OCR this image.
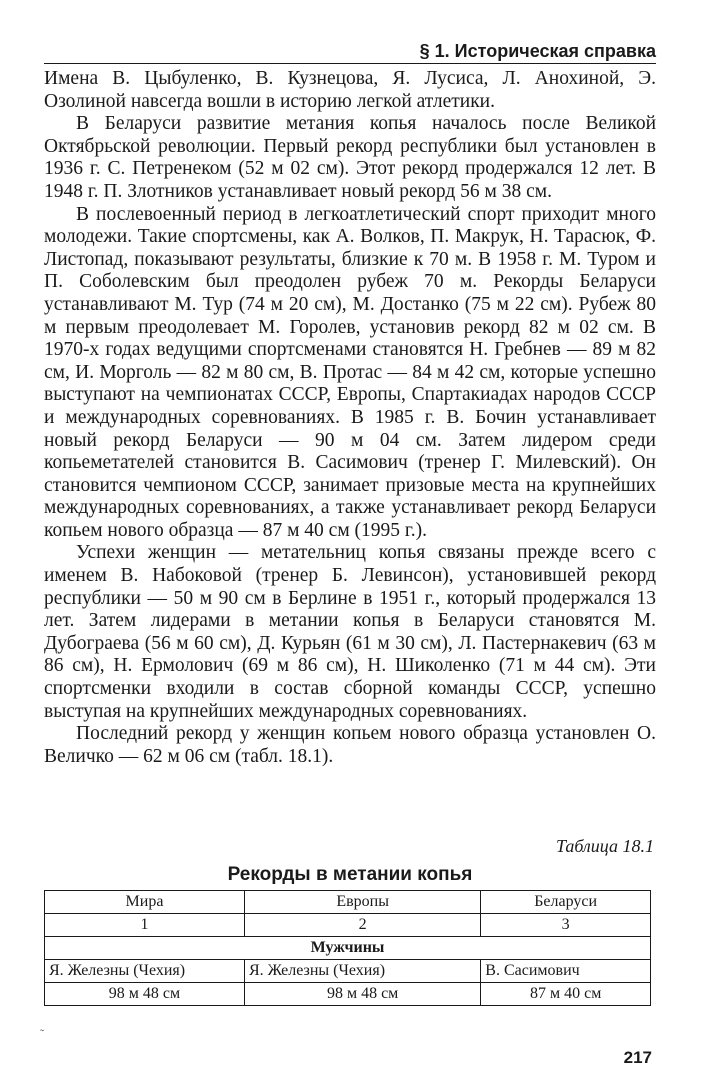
§ 1. Историческая справка

Имена В. Цыбуленко, В. Кузнецова, Я. Лусиса, Л. Анохиной, Э. Озолиной навсегда вошли в историю легкой атлетики.

В Беларуси развитие метания копья началось после Великой Октябрьской революции. Первый рекорд республики был установлен в 1936 г. С. Петренеком (52 м 02 см). Этот рекорд продержался 12 лет. В 1948 г. П. Злотников устанавливает новый рекорд 56 м 38 см.

В послевоенный период в легкоатлетический спорт приходит много молодежи. Такие спортсмены, как А. Волков, П. Макрук, Н. Тарасюк, Ф. Листопад, показывают результаты, близкие к 70 м. В 1958 г. М. Туром и П. Соболевским был преодолен рубеж 70 м. Рекорды Беларуси устанавливают М. Тур (74 м 20 см), М. Достанко (75 м 22 см). Рубеж 80 м первым преодолевает М. Горолев, установив рекорд 82 м 02 см. В 1970-х годах ведущими спортсменами становятся Н. Гребнев — 89 м 82 см, И. Морголь — 82 м 80 см, В. Протас — 84 м 42 см, которые успешно выступают на чемпионатах СССР, Европы, Спартакиадах народов СССР и международных соревнованиях. В 1985 г. В. Бочин устанавливает новый рекорд Беларуси — 90 м 04 см. Затем лидером среди копьеметателей становится В. Сасимович (тренер Г. Милевский). Он становится чемпионом СССР, занимает призовые места на крупнейших международных соревнованиях, а также устанавливает рекорд Беларуси копьем нового образца — 87 м 40 см (1995 г.).

Успехи женщин — метательниц копья связаны прежде всего с именем В. Набоковой (тренер Б. Левинсон), установившей рекорд республики — 50 м 90 см в Берлине в 1951 г., который продержался 13 лет. Затем лидерами в метании копья в Беларуси становятся М. Дубограева (56 м 60 см), Д. Курьян (61 м 30 см), Л. Пастернакевич (63 м 86 см), Н. Ермолович (69 м 86 см), Н. Шиколенко (71 м 44 см). Эти спортсменки входили в состав сборной команды СССР, успешно выступая на крупнейших международных соревнованиях.

Последний рекорд у женщин копьем нового образца установлен О. Величко — 62 м 06 см (табл. 18.1).

Таблица 18.1
Рекорды в метании копья
Мира	Европы	Беларуси
1	2	3
Мужчины		
Я. Железны (Чехия)	Я. Железны (Чехия)	В. Сасимович
98 м 48 см	98 м 48 см	87 м 40 см
˷
217
